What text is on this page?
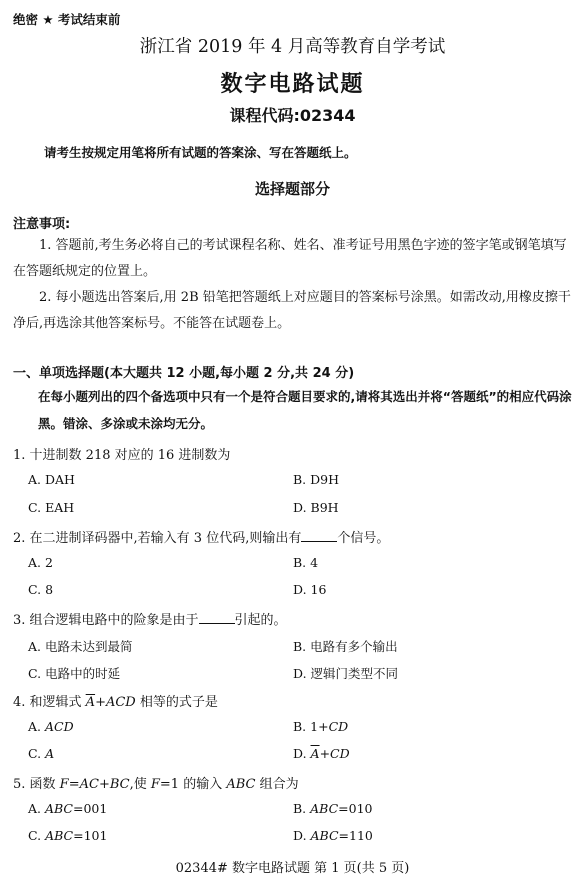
绝密 ★ 考试结束前
浙江省 2019 年 4 月高等教育自学考试
数字电路试题
课程代码:02344
请考生按规定用笔将所有试题的答案涂、写在答题纸上。
选择题部分
注意事项:
1. 答题前,考生务必将自己的考试课程名称、姓名、准考证号用黑色字迹的签字笔或钢笔填写在答题纸规定的位置上。
2. 每小题选出答案后,用 2B 铅笔把答题纸上对应题目的答案标号涂黑。如需改动,用橡皮擦干净后,再选涂其他答案标号。不能答在试题卷上。
一、单项选择题(本大题共 12 小题,每小题 2 分,共 24 分)
在每小题列出的四个备选项中只有一个是符合题目要求的,请将其选出并将“答题纸”的相应代码涂黑。错涂、多涂或未涂均无分。
1. 十进制数 218 对应的 16 进制数为
A. DAH	B. D9H
C. EAH	D. B9H
2. 在二进制译码器中,若输入有 3 位代码,则输出有	个信号。
A. 2	B. 4
C. 8	D. 16
3. 组合逻辑电路中的险象是由于	引起的。
A. 电路未达到最简	B. 电路有多个输出
C. 电路中的时延	D. 逻辑门类型不同
4. 和逻辑式 $\overline{A}+ACD$ 相等的式子是
A. ACD	B. 1+CD
C. A	D. $\overline{A}+CD$
5. 函数 F=AC+BC,使 F=1 的输入 ABC 组合为
A. ABC=001	B. ABC=010
C. ABC=101	D. ABC=110
02344# 数字电路试题 第 1 页(共 5 页)
